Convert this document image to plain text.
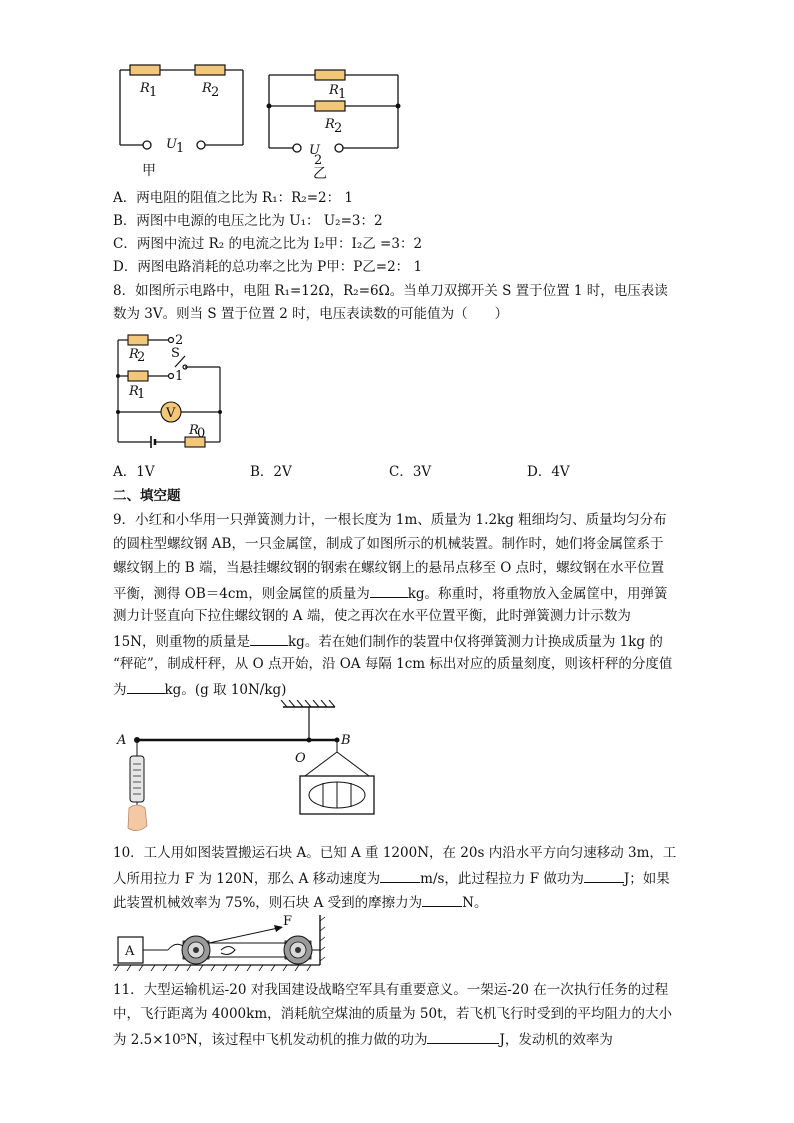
R 1	R 2
U 1
甲
R 1
R 2
U
2
乙
A．两电阻的阻值之比为 R₁：R₂=2： 1
B．两图中电源的电压之比为 U₁： U₂=3：2
C．两图中流过 R₂ 的电流之比为 I₂甲：I₂乙 =3：2
D．两图电路消耗的总功率之比为 P甲：P乙=2： 1
8．如图所示电路中，电阻 R₁=12Ω，R₂=6Ω。当单刀双掷开关 S 置于位置 1 时，电压表读
数为 3V。则当 S 置于位置 2 时，电压表读数的可能值为（　　）
V
R
2
R
1
R
0
2
1
S
A．1V	B．2V	C．3V	D．4V
二、填空题
9．小红和小华用一只弹簧测力计，一根长度为 1m、质量为 1.2kg 粗细均匀、质量均匀分布
的圆柱型螺纹钢 AB，一只金属筐，制成了如图所示的机械装置。制作时，她们将金属筐系于
螺纹钢上的 B 端，当悬挂螺纹钢的钢索在螺纹钢上的悬吊点移至 O 点时，螺纹钢在水平位置
平衡，测得 OB＝4cm，则金属筐的质量为	kg。称重时，将重物放入金属筐中，用弹簧
测力计竖直向下拉住螺纹钢的 A 端，使之再次在水平位置平衡，此时弹簧测力计示数为
15N，则重物的质量是	kg。若在她们制作的装置中仅将弹簧测力计换成质量为 1kg 的
“秤砣”，制成杆秤，从 O 点开始，沿 OA 每隔 1cm 标出对应的质量刻度，则该杆秤的分度值
为	kg。(g 取 10N/kg)
A
O
B
10．工人用如图装置搬运石块 A。已知 A 重 1200N，在 20s 内沿水平方向匀速移动 3m，工
人所用拉力 F 为 120N，那么 A 移动速度为	m/s，此过程拉力 F 做功为	J；如果
此装置机械效率为 75%，则石块 A 受到的摩擦力为	N。
A
F
11．大型运输机运-20 对我国建设战略空军具有重要意义。一架运-20 在一次执行任务的过程
中，飞行距离为 4000km，消耗航空煤油的质量为 50t，若飞机飞行时受到的平均阻力的大小
为 2.5×10⁵N，该过程中飞机发动机的推力做的功为	J，发动机的效率为
